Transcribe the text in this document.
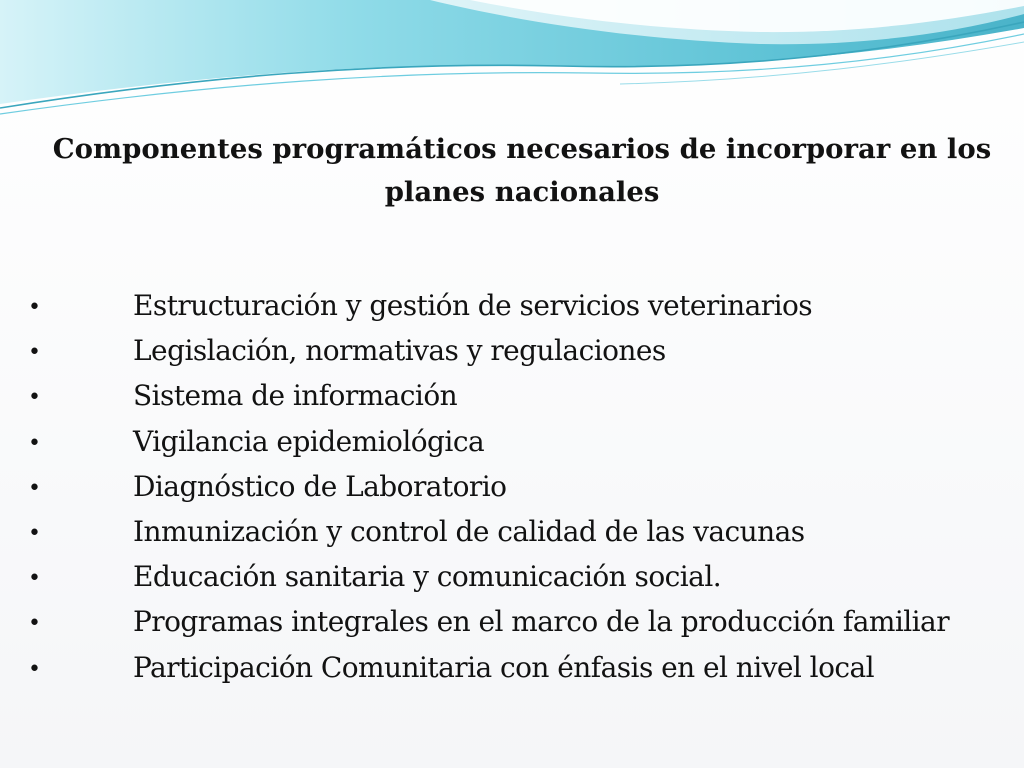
Componentes programáticos necesarios de incorporar en los planes nacionales
•	Estructuración y gestión de servicios veterinarios
•	Legislación, normativas y regulaciones
•	Sistema de información
•	Vigilancia epidemiológica
•	Diagnóstico de Laboratorio
•	Inmunización y control de calidad de las vacunas
•	Educación sanitaria y comunicación social.
•	Programas integrales en el marco de la producción familiar
•	Participación Comunitaria con énfasis en el nivel local
